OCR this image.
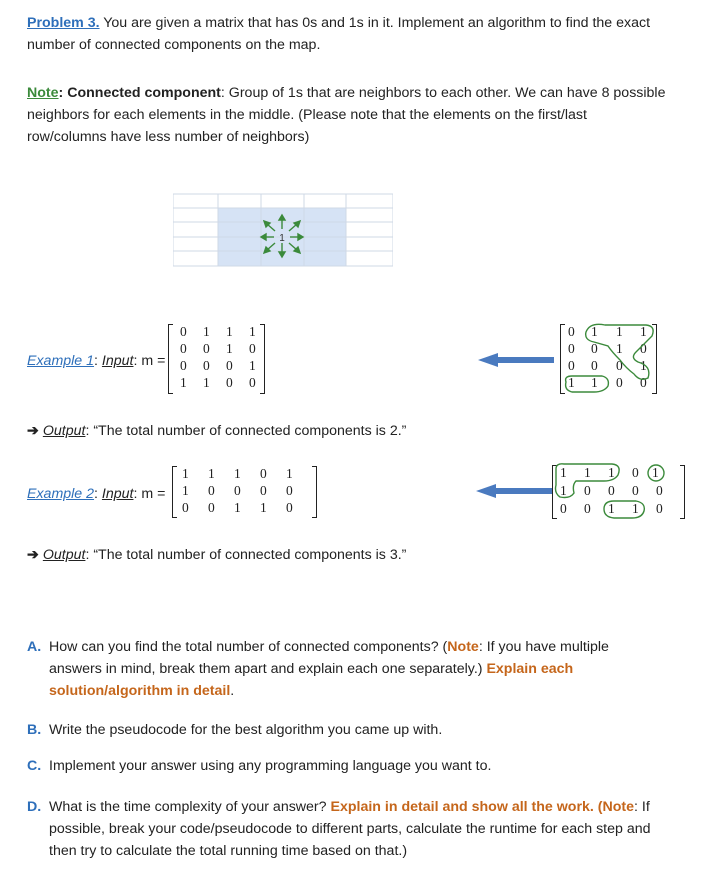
Problem 3. You are given a matrix that has 0s and 1s in it. Implement an algorithm to find the exact
number of connected components on the map.
Note: Connected component: Group of 1s that are neighbors to each other. We can have 8 possible
neighbors for each elements in the middle. (Please note that the elements on the first/last
row/columns have less number of neighbors)
1
Example 1: Input: m =
0 1 1 1
0 0 1 0
0 0 0 1
1 1 0 0
0 1 1 1
0 0 1 0
0 0 0 1
1 1 0 0
➔ Output: “The total number of connected components is 2.”
Example 2: Input: m =
1 1 1 0 1
1 0 0 0 0
0 0 1 1 0
1 1 1 0 1
1 0 0 0 0
0 0 1 1 0
➔ Output: “The total number of connected components is 3.”
A. How can you find the total number of connected components? (Note: If you have multiple
answers in mind, break them apart and explain each one separately.) Explain each
solution/algorithm in detail.
B. Write the pseudocode for the best algorithm you came up with.
C. Implement your answer using any programming language you want to.
D. What is the time complexity of your answer? Explain in detail and show all the work. (Note: If
possible, break your code/pseudocode to different parts, calculate the runtime for each step and
then try to calculate the total running time based on that.)
